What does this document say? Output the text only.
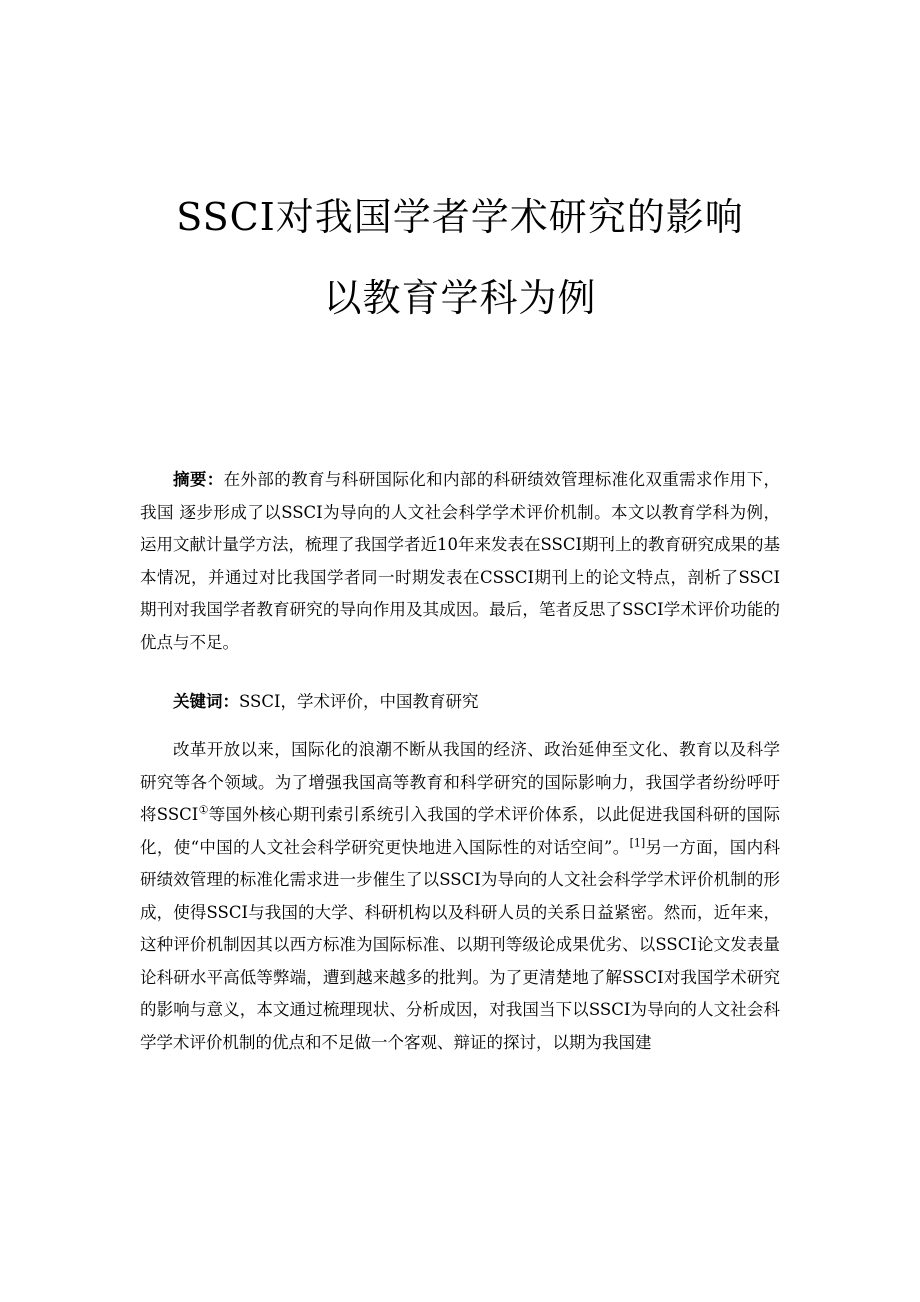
SSCI对我国学者学术研究的影响
以教育学科为例

摘要：在外部的教育与科研国际化和内部的科研绩效管理标准化双重需求作用下，我国 逐步形成了以SSCI为导向的人文社会科学学术评价机制。本文以教育学科为例，运用文献计量学方法，梳理了我国学者近10年来发表在SSCI期刊上的教育研究成果的基本情况，并通过对比我国学者同一时期发表在CSSCI期刊上的论文特点，剖析了SSCI期刊对我国学者教育研究的导向作用及其成因。最后，笔者反思了SSCI学术评价功能的优点与不足。

关键词：SSCI，学术评价，中国教育研究

改革开放以来，国际化的浪潮不断从我国的经济、政治延伸至文化、教育以及科学研究等各个领域。为了增强我国高等教育和科学研究的国际影响力，我国学者纷纷呼吁将SSCI①等国外核心期刊索引系统引入我国的学术评价体系，以此促进我国科研的国际化，使“中国的人文社会科学研究更快地进入国际性的对话空间”。[1]另一方面，国内科研绩效管理的标准化需求进一步催生了以SSCI为导向的人文社会科学学术评价机制的形成，使得SSCI与我国的大学、科研机构以及科研人员的关系日益紧密。然而，近年来，这种评价机制因其以西方标准为国际标准、以期刊等级论成果优劣、以SSCI论文发表量论科研水平高低等弊端，遭到越来越多的批判。为了更清楚地了解SSCI对我国学术研究的影响与意义，本文通过梳理现状、分析成因，对我国当下以SSCI为导向的人文社会科学学术评价机制的优点和不足做一个客观、辩证的探讨，以期为我国建
